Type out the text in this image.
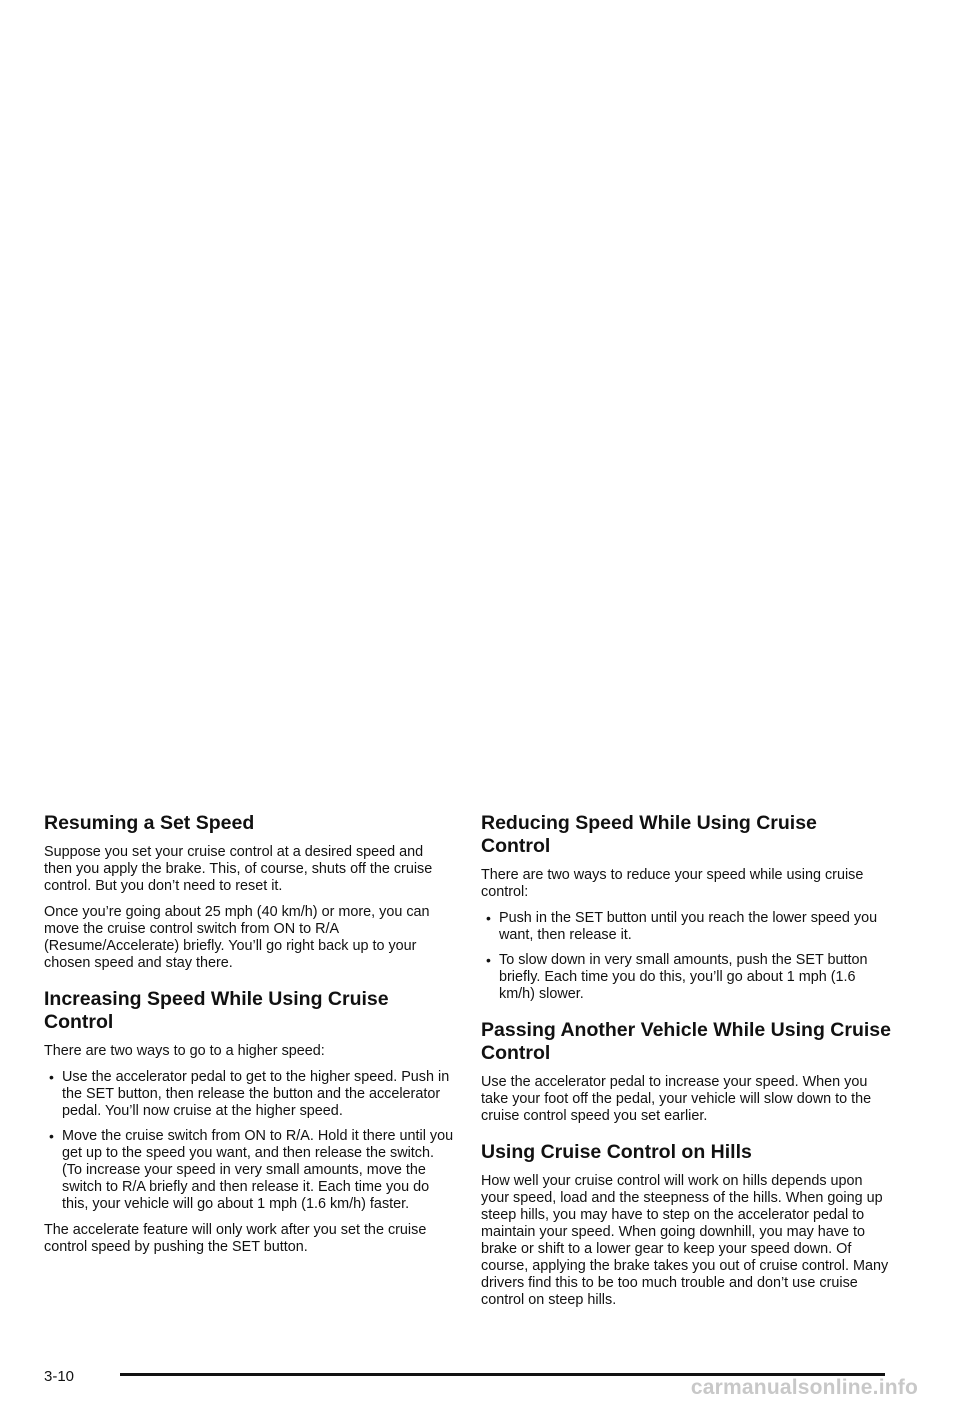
Resuming a Set Speed

Suppose you set your cruise control at a desired speed and then you apply the brake. This, of course, shuts off the cruise control. But you don’t need to reset it.

Once you’re going about 25 mph (40 km/h) or more, you can move the cruise control switch from ON to R/A (Resume/Accelerate) briefly. You’ll go right back up to your chosen speed and stay there.

Increasing Speed While Using Cruise Control

There are two ways to go to a higher speed:

• Use the accelerator pedal to get to the higher speed. Push in the SET button, then release the button and the accelerator pedal. You’ll now cruise at the higher speed.
• Move the cruise switch from ON to R/A. Hold it there until you get up to the speed you want, and then release the switch. (To increase your speed in very small amounts, move the switch to R/A briefly and then release it. Each time you do this, your vehicle will go about 1 mph (1.6 km/h) faster.

The accelerate feature will only work after you set the cruise control speed by pushing the SET button.

Reducing Speed While Using Cruise Control

There are two ways to reduce your speed while using cruise control:

• Push in the SET button until you reach the lower speed you want, then release it.
• To slow down in very small amounts, push the SET button briefly. Each time you do this, you’ll go about 1 mph (1.6 km/h) slower.
Passing Another Vehicle While Using Cruise Control

Use the accelerator pedal to increase your speed. When you take your foot off the pedal, your vehicle will slow down to the cruise control speed you set earlier.

Using Cruise Control on Hills

How well your cruise control will work on hills depends upon your speed, load and the steepness of the hills. When going up steep hills, you may have to step on the accelerator pedal to maintain your speed. When going downhill, you may have to brake or shift to a lower gear to keep your speed down. Of course, applying the brake takes you out of cruise control. Many drivers find this to be too much trouble and don’t use cruise control on steep hills.

3-10	carmanualsonline.info
